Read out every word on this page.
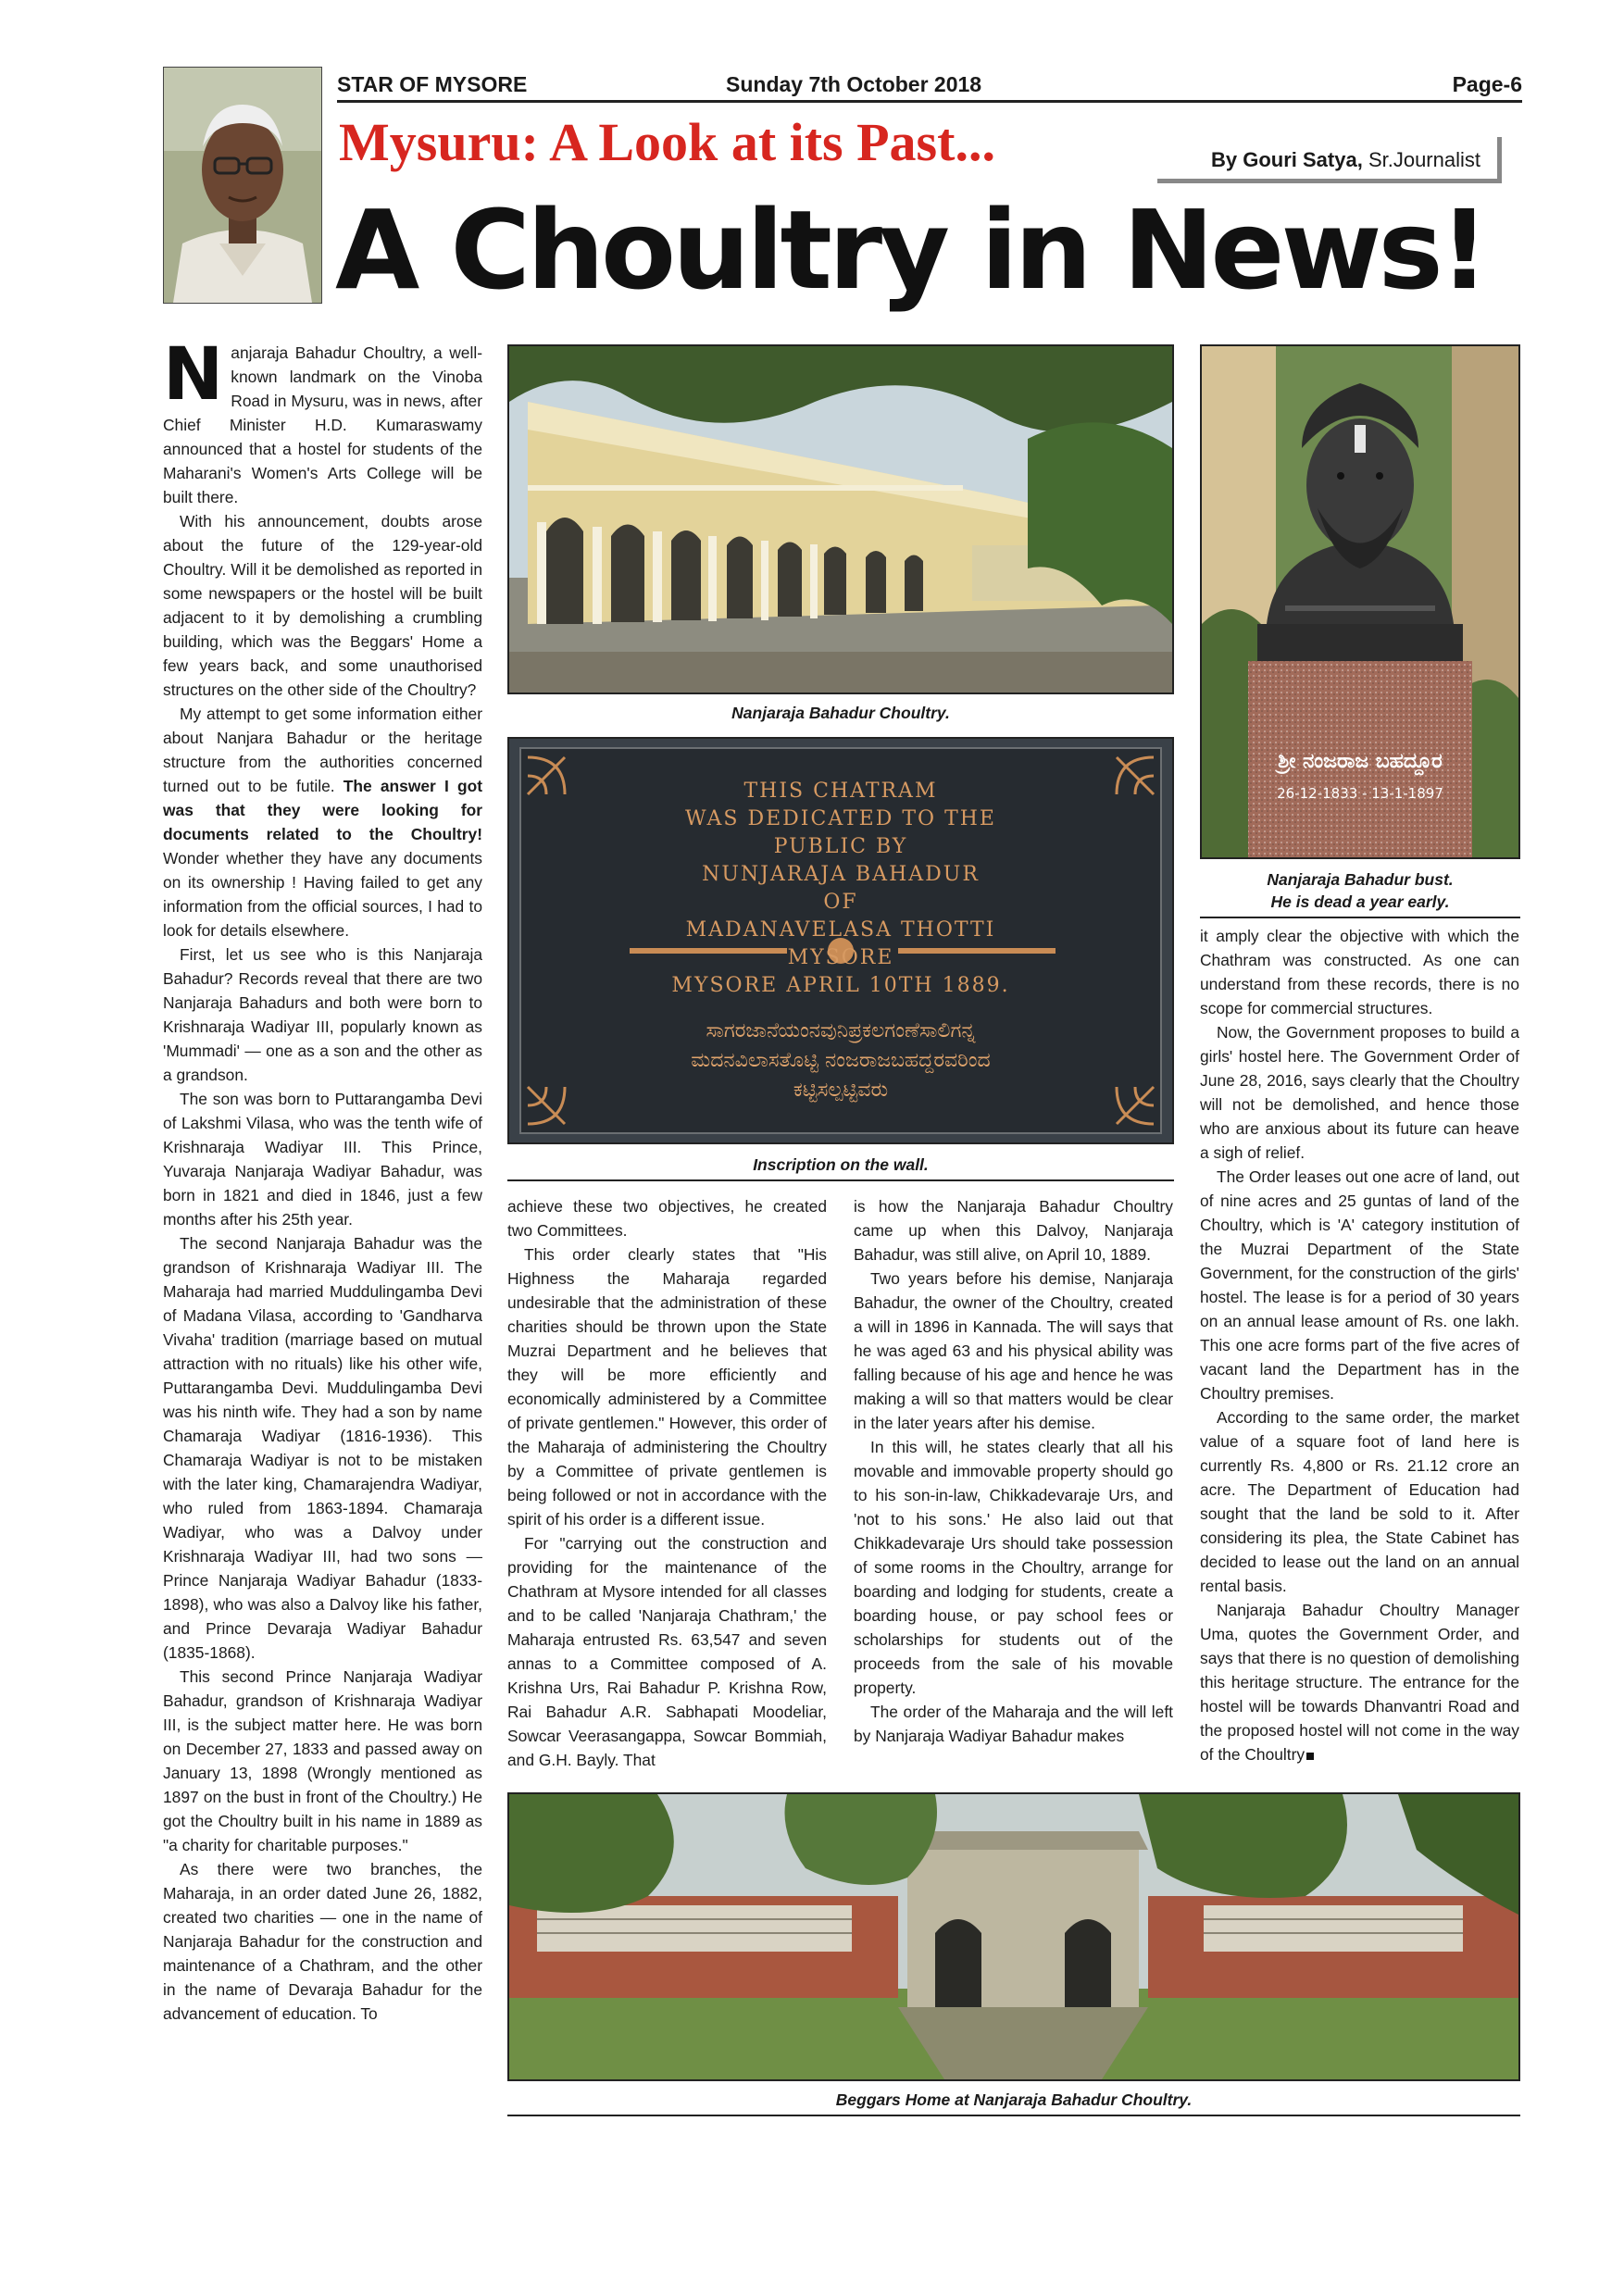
STAR OF MYSORE	Sunday 7th October 2018	Page-6
Mysuru: A Look at its Past...	By Gouri Satya, Sr.Journalist
A Choultry in News!

Nanjaraja Bahadur Choultry, a well-known landmark on the Vinoba Road in Mysuru, was in news, after Chief Minister H.D. Kumaraswamy announced that a hostel for students of the Maharani's Women's Arts College will be built there.

With his announcement, doubts arose about the future of the 129-year-old Choultry. Will it be demolished as reported in some newspapers or the hostel will be built adjacent to it by demolishing a crumbling building, which was the Beggars' Home a few years back, and some unauthorised structures on the other side of the Choultry?

My attempt to get some information either about Nanjara Bahadur or the heritage structure from the authorities concerned turned out to be futile. The answer I got was that they were looking for documents related to the Choultry! Wonder whether they have any documents on its ownership ! Having failed to get any information from the official sources, I had to look for details elsewhere.

First, let us see who is this Nanjaraja Bahadur? Records reveal that there are two Nanjaraja Bahadurs and both were born to Krishnaraja Wadiyar III, popularly known as 'Mummadi' — one as a son and the other as a grandson.

The son was born to Puttarangamba Devi of Lakshmi Vilasa, who was the tenth wife of Krishnaraja Wadiyar III. This Prince, Yuvaraja Nanjaraja Wadiyar Bahadur, was born in 1821 and died in 1846, just a few months after his 25th year.

The second Nanjaraja Bahadur was the grandson of Krishnaraja Wadiyar III. The Maharaja had married Muddulingamba Devi of Madana Vilasa, according to 'Gandharva Vivaha' tradition (marriage based on mutual attraction with no rituals) like his other wife, Puttarangamba Devi. Muddulingamba Devi was his ninth wife. They had a son by name Chamaraja Wadiyar (1816-1936). This Chamaraja Wadiyar is not to be mistaken with the later king, Chamarajendra Wadiyar, who ruled from 1863-1894. Chamaraja Wadiyar, who was a Dalvoy under Krishnaraja Wadiyar III, had two sons — Prince Nanjaraja Wadiyar Bahadur (1833-1898), who was also a Dalvoy like his father, and Prince Devaraja Wadiyar Bahadur (1835-1868).

This second Prince Nanjaraja Wadiyar Bahadur, grandson of Krishnaraja Wadiyar III, is the subject matter here. He was born on December 27, 1833 and passed away on January 13, 1898 (Wrongly mentioned as 1897 on the bust in front of the Choultry.) He got the Choultry built in his name in 1889 as "a charity for charitable purposes."

As there were two branches, the Maharaja, in an order dated June 26, 1882, created two charities — one in the name of Nanjaraja Bahadur for the construction and maintenance of a Chathram, and the other in the name of Devaraja Bahadur for the advancement of education. To

Nanjaraja Bahadur Choultry.
THIS CHATRAM
WAS DEDICATED TO THE
PUBLIC BY
NUNJARAJA BAHADUR
OF
MADANAVELASA THOTTI
MYSORE
MYSORE APRIL 10TH 1889.
ಸಾಗರಜಾನೆಯಂನವುನಿಪ್ರಕಲಗಂಣೆಸಾಲಿಗನ್ನ
ಮದನವಿಲಾಸತೊಟ್ಟಿ ನಂಜರಾಜಬಹದ್ದರವರಿಂದ
ಕಟ್ಟಿಸಲ್ಪಟ್ಟಿವರು
Inscription on the wall.
ಶ್ರೀ ನಂಜರಾಜ ಬಹದ್ದೂರ
26-12-1833 - 13-1-1897
Nanjaraja Bahadur bust.
He is dead a year early.

achieve these two objectives, he created two Committees.

This order clearly states that "His Highness the Maharaja regarded undesirable that the administration of these charities should be thrown upon the State Muzrai Department and he believes that they will be more efficiently and economically administered by a Committee of private gentlemen." However, this order of the Maharaja of administering the Choultry by a Committee of private gentlemen is being followed or not in accordance with the spirit of his order is a different issue.

For "carrying out the construction and providing for the maintenance of the Chathram at Mysore intended for all classes and to be called 'Nanjaraja Chathram,' the Maharaja entrusted Rs. 63,547 and seven annas to a Committee composed of A. Krishna Urs, Rai Bahadur P. Krishna Row, Rai Bahadur A.R. Sabhapati Moodeliar, Sowcar Veerasangappa, Sowcar Bommiah, and G.H. Bayly. That

is how the Nanjaraja Bahadur Choultry came up when this Dalvoy, Nanjaraja Bahadur, was still alive, on April 10, 1889.

Two years before his demise, Nanjaraja Bahadur, the owner of the Choultry, created a will in 1896 in Kannada. The will says that he was aged 63 and his physical ability was falling because of his age and hence he was making a will so that matters would be clear in the later years after his demise.

In this will, he states clearly that all his movable and immovable property should go to his son-in-law, Chikkadevaraje Urs, and 'not to his sons.' He also laid out that Chikkadevaraje Urs should take possession of some rooms in the Choultry, arrange for boarding and lodging for students, create a boarding house, or pay school fees or scholarships for students out of the proceeds from the sale of his movable property.

The order of the Maharaja and the will left by Nanjaraja Wadiyar Bahadur makes

it amply clear the objective with which the Chathram was constructed. As one can understand from these records, there is no scope for commercial structures.

Now, the Government proposes to build a girls' hostel here. The Government Order of June 28, 2016, says clearly that the Choultry will not be demolished, and hence those who are anxious about its future can heave a sigh of relief.

The Order leases out one acre of land, out of nine acres and 25 guntas of land of the Choultry, which is 'A' category institution of the Muzrai Department of the State Government, for the construction of the girls' hostel. The lease is for a period of 30 years on an annual lease amount of Rs. one lakh. This one acre forms part of the five acres of vacant land the Department has in the Choultry premises.

According to the same order, the market value of a square foot of land here is currently Rs. 4,800 or Rs. 21.12 crore an acre. The Department of Education had sought that the land be sold to it. After considering its plea, the State Cabinet has decided to lease out the land on an annual rental basis.

Nanjaraja Bahadur Choultry Manager Uma, quotes the Government Order, and says that there is no question of demolishing this heritage structure. The entrance for the hostel will be towards Dhanvantri Road and the proposed hostel will not come in the way of the Choultry

Beggars Home at Nanjaraja Bahadur Choultry.
